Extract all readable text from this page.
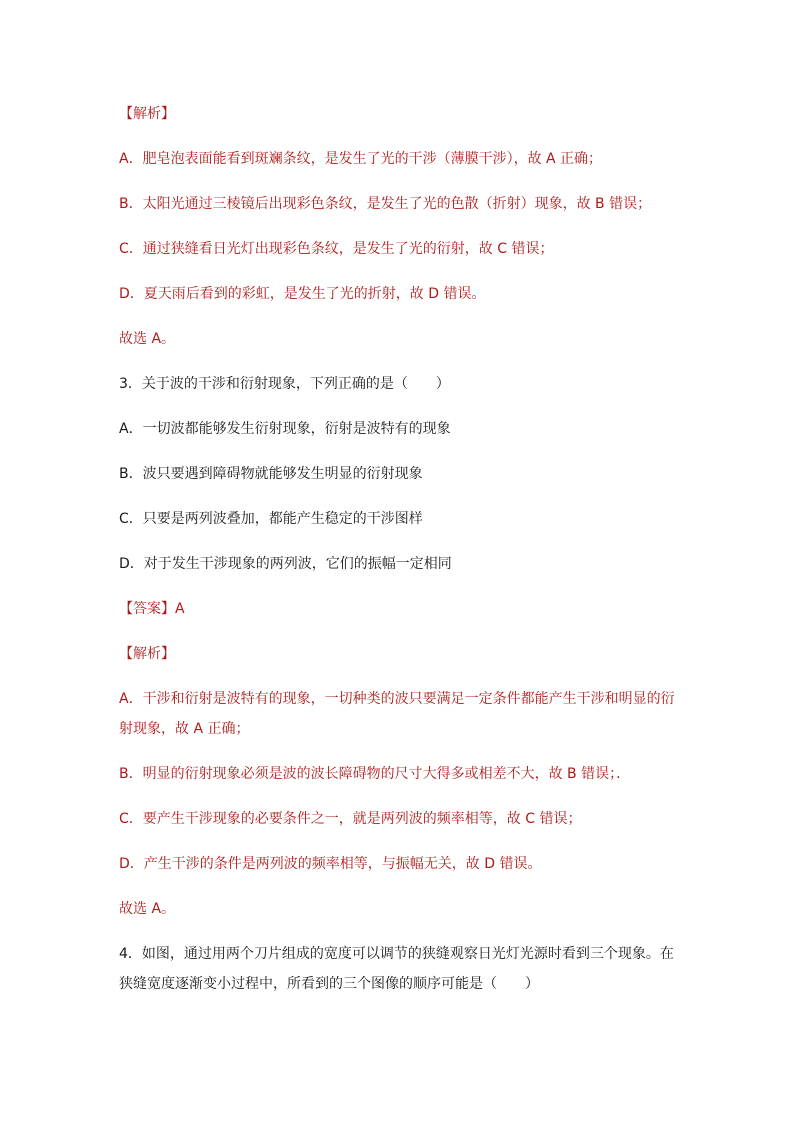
【解析】
A．肥皂泡表面能看到斑斓条纹，是发生了光的干涉（薄膜干涉），故 A 正确；
B．太阳光通过三棱镜后出现彩色条纹，是发生了光的色散（折射）现象，故 B 错误；
C．通过狭缝看日光灯出现彩色条纹，是发生了光的衍射，故 C 错误；
D．夏天雨后看到的彩虹，是发生了光的折射，故 D 错误。
故选 A。
3．关于波的干涉和衍射现象，下列正确的是（　　）
A．一切波都能够发生衍射现象，衍射是波特有的现象
B．波只要遇到障碍物就能够发生明显的衍射现象
C．只要是两列波叠加，都能产生稳定的干涉图样
D．对于发生干涉现象的两列波，它们的振幅一定相同
【答案】A
【解析】
A．干涉和衍射是波特有的现象，一切种类的波只要满足一定条件都能产生干涉和明显的衍
射现象，故 A 正确；
B．明显的衍射现象必须是波的波长障碍物的尺寸大得多或相差不大，故 B 错误；．
C．要产生干涉现象的必要条件之一，就是两列波的频率相等，故 C 错误；
D．产生干涉的条件是两列波的频率相等，与振幅无关，故 D 错误。
故选 A。
4．如图，通过用两个刀片组成的宽度可以调节的狭缝观察日光灯光源时看到三个现象。在
狭缝宽度逐渐变小过程中，所看到的三个图像的顺序可能是（　　）
